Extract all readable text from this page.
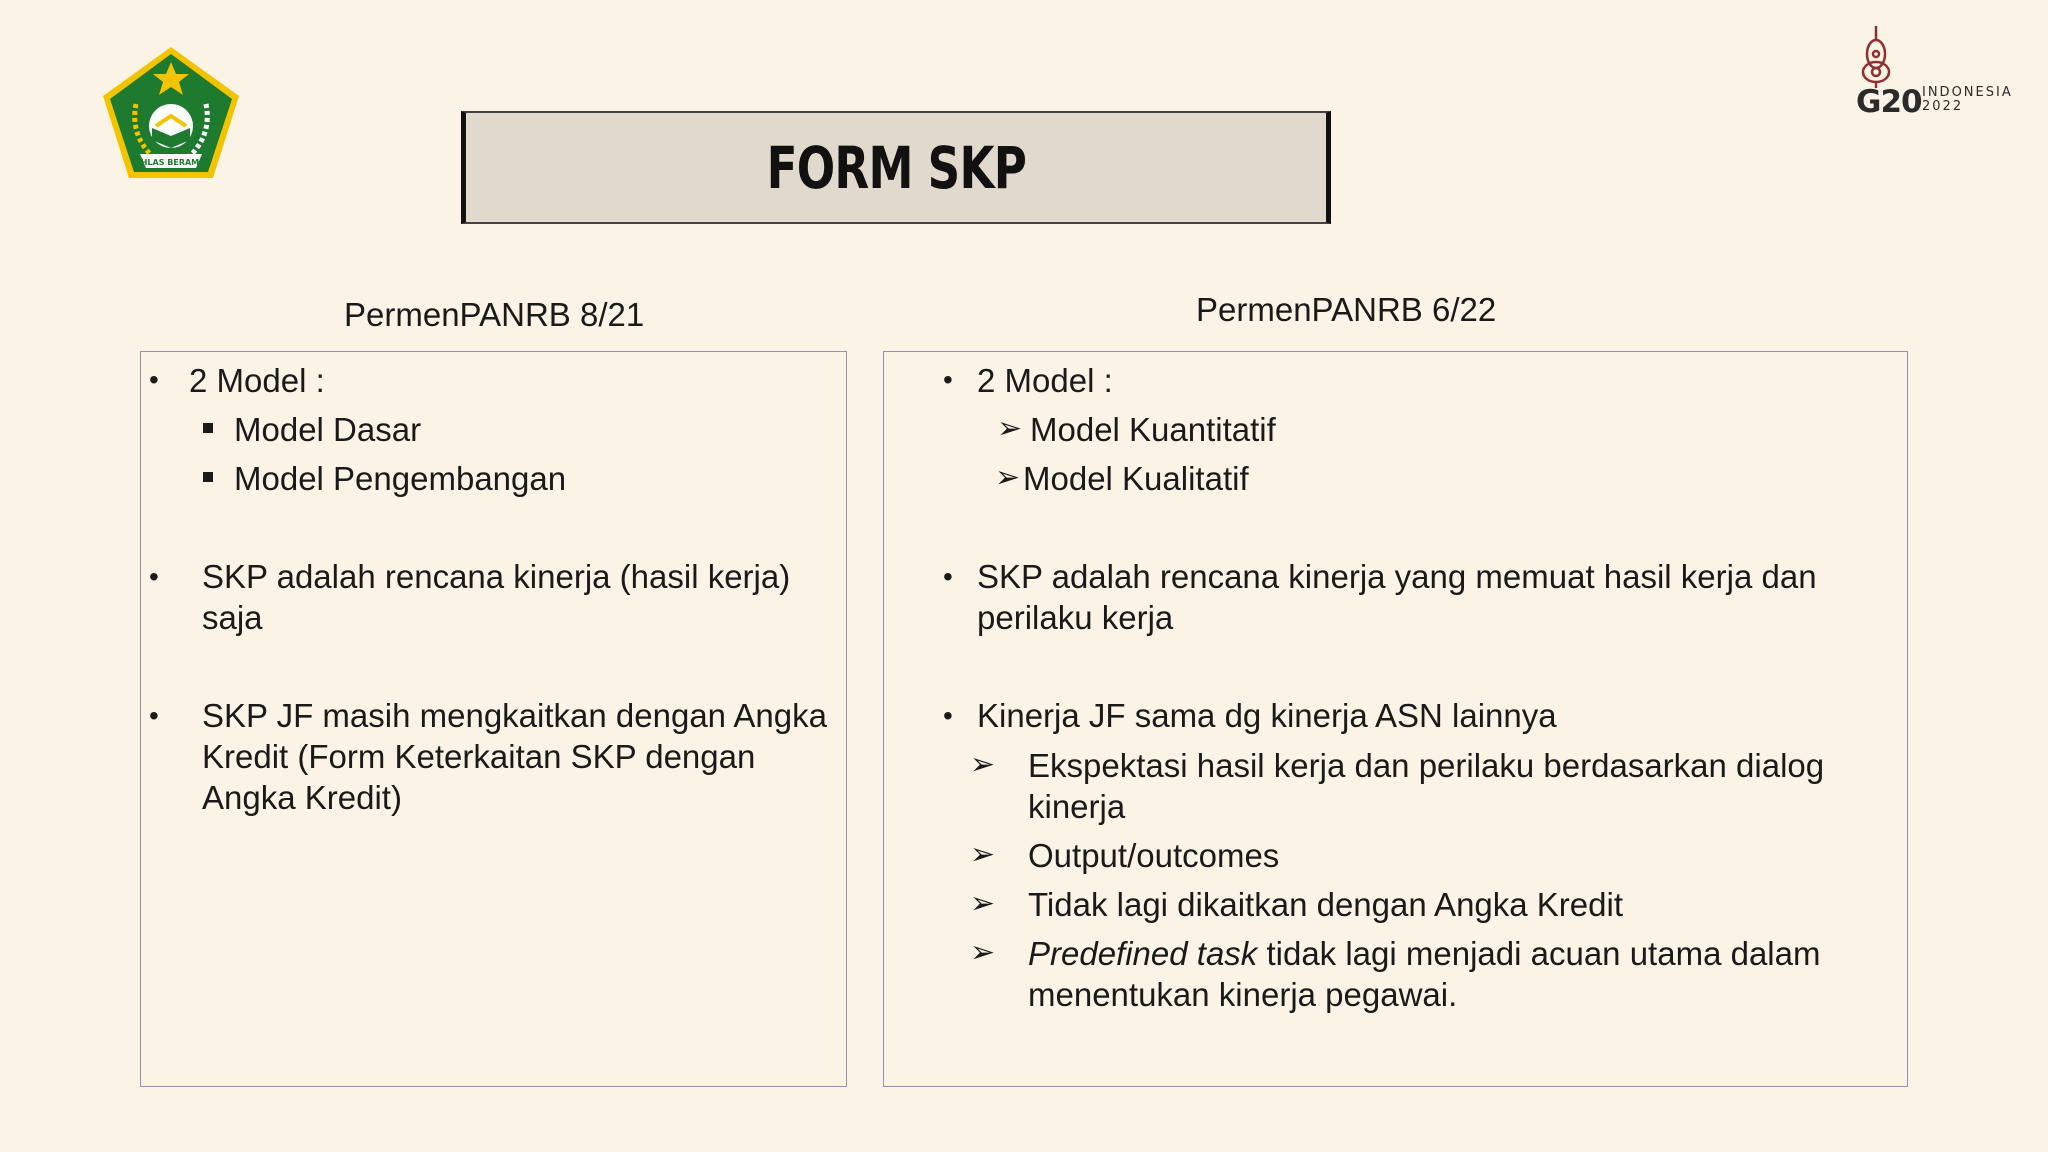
IKHLAS BERAMAL
G20 INDONESIA
2022
FORM SKP
PermenPANRB 8/21	PermenPANRB 6/22
• 2 Model :
Model Dasar
Model Pengembangan
• SKP adalah rencana kinerja (hasil kerja)
saja
• SKP JF masih mengkaitkan dengan Angka
Kredit (Form Keterkaitan SKP dengan
Angka Kredit)
• 2 Model :
➢ Model Kuantitatif
➢ Model Kualitatif
• SKP adalah rencana kinerja yang memuat hasil kerja dan
perilaku kerja
• Kinerja JF sama dg kinerja ASN lainnya
➢ Ekspektasi hasil kerja dan perilaku berdasarkan dialog
kinerja
➢ Output/outcomes
➢ Tidak lagi dikaitkan dengan Angka Kredit
➢ Predefined task tidak lagi menjadi acuan utama dalam
menentukan kinerja pegawai.
